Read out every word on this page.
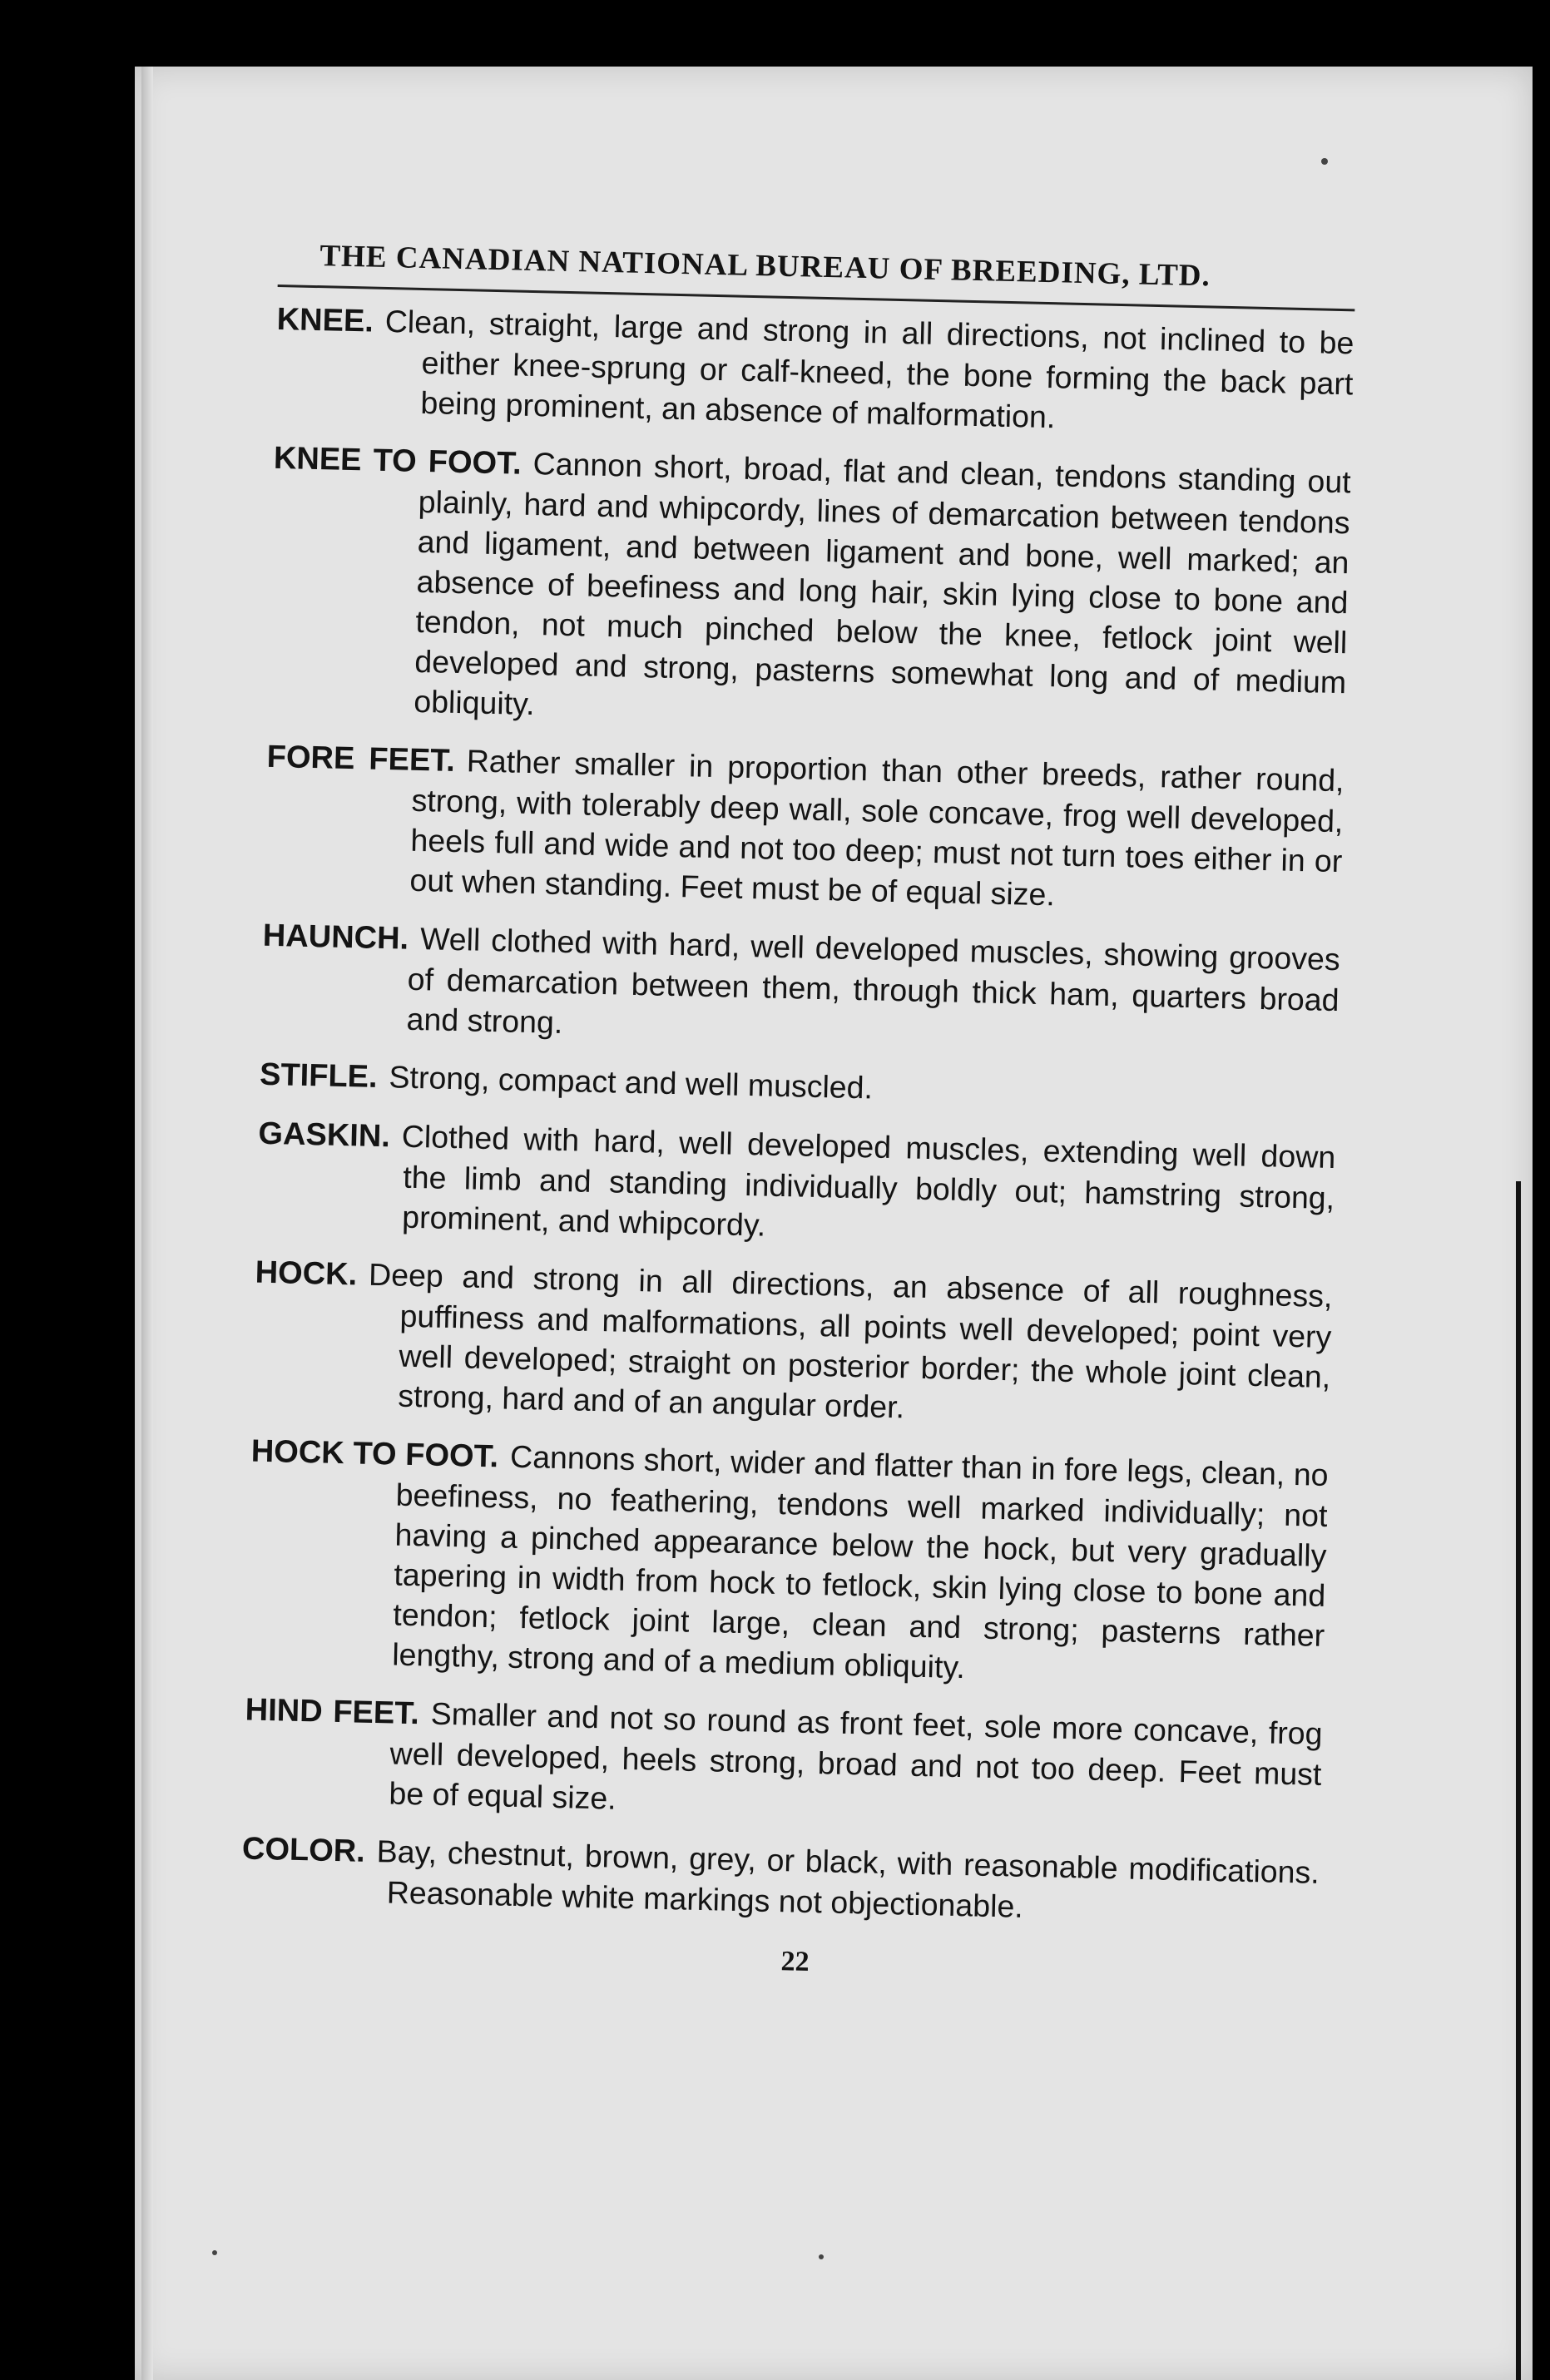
THE CANADIAN NATIONAL BUREAU OF BREEDING, LTD.
KNEE. Clean, straight, large and strong in all directions, not inclined to be either knee-sprung or calf-kneed, the bone forming the back part being prominent, an absence of malformation.
KNEE TO FOOT. Cannon short, broad, flat and clean, tendons standing out plainly, hard and whipcordy, lines of demarcation between tendons and ligament, and between ligament and bone, well marked; an absence of beefiness and long hair, skin lying close to bone and tendon, not much pinched below the knee, fetlock joint well developed and strong, pasterns somewhat long and of medium obliquity.
FORE FEET. Rather smaller in proportion than other breeds, rather round, strong, with tolerably deep wall, sole concave, frog well developed, heels full and wide and not too deep; must not turn toes either in or out when standing. Feet must be of equal size.
HAUNCH. Well clothed with hard, well developed muscles, showing grooves of demarcation between them, through thick ham, quarters broad and strong.
STIFLE. Strong, compact and well muscled.
GASKIN. Clothed with hard, well developed muscles, extending well down the limb and standing individually boldly out; hamstring strong, prominent, and whipcordy.
HOCK. Deep and strong in all directions, an absence of all roughness, puffiness and malformations, all points well developed; point very well developed; straight on posterior border; the whole joint clean, strong, hard and of an angular order.
HOCK TO FOOT. Cannons short, wider and flatter than in fore legs, clean, no beefiness, no feathering, tendons well marked individually; not having a pinched appearance below the hock, but very gradually tapering in width from hock to fetlock, skin lying close to bone and tendon; fetlock joint large, clean and strong; pasterns rather lengthy, strong and of a medium obliquity.
HIND FEET. Smaller and not so round as front feet, sole more concave, frog well developed, heels strong, broad and not too deep. Feet must be of equal size.
COLOR. Bay, chestnut, brown, grey, or black, with reasonable modifications. Reasonable white markings not objectionable.
22
